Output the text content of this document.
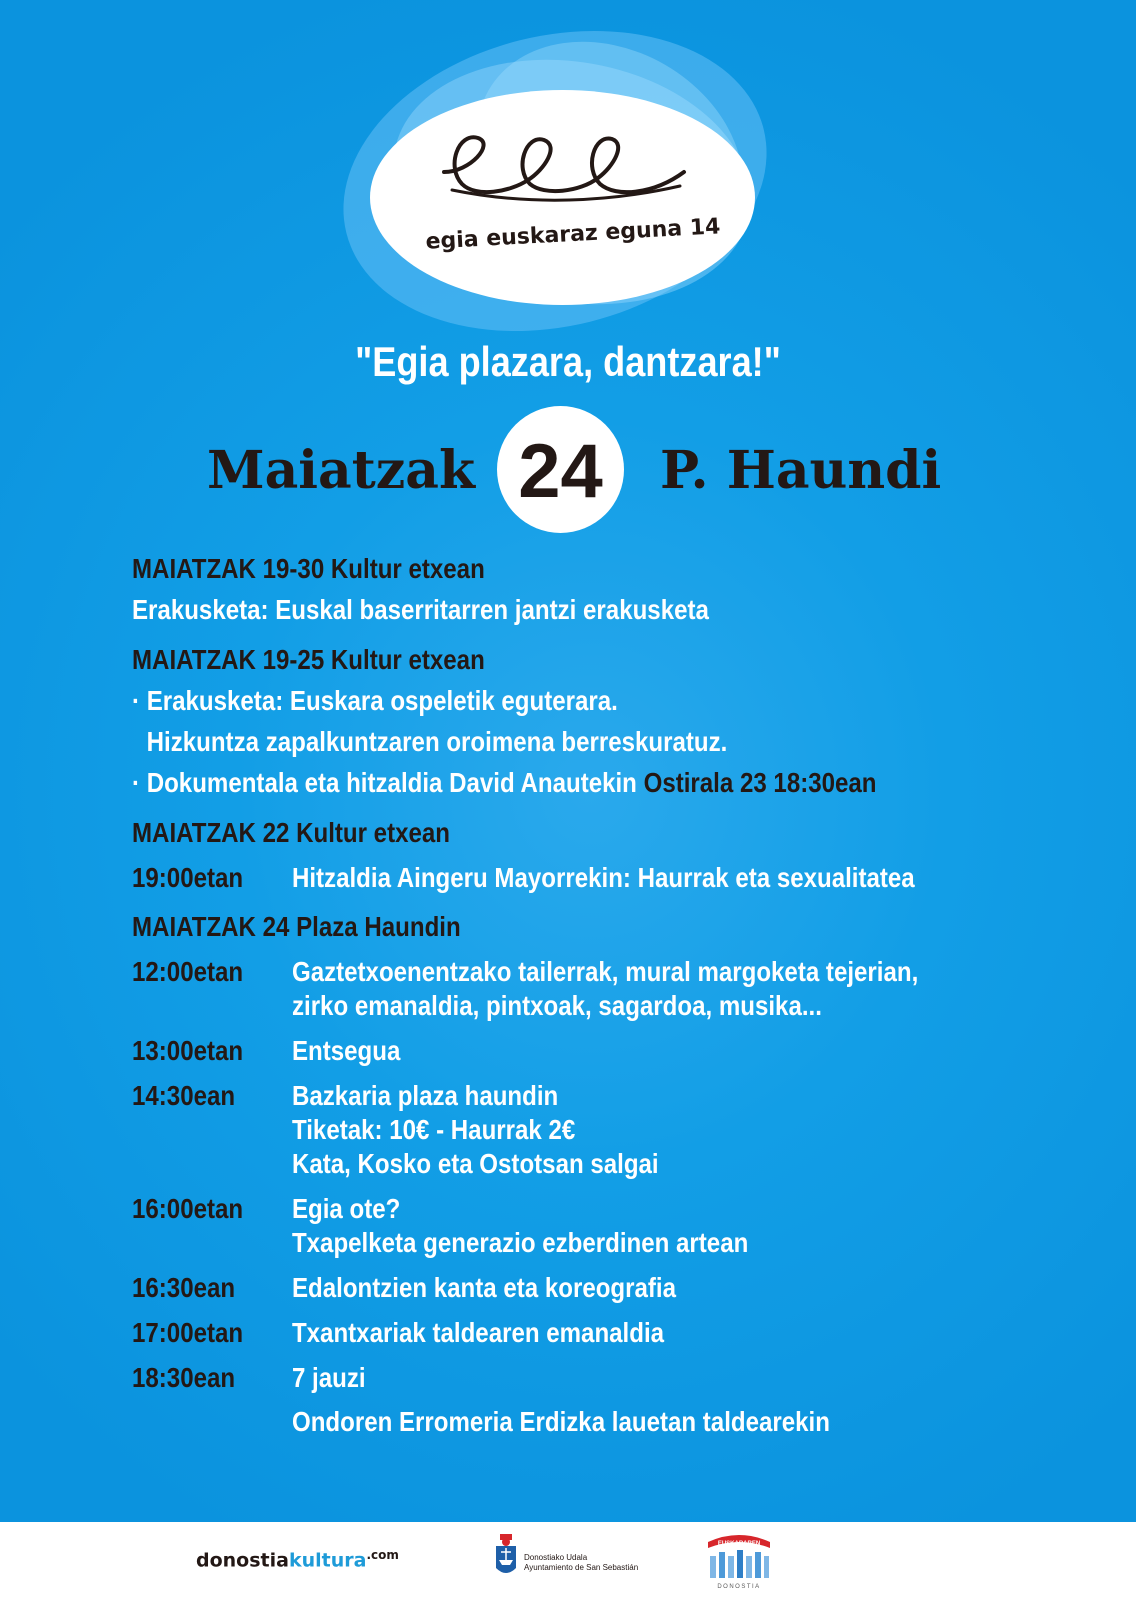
egia euskaraz eguna 14
"Egia plazara, dantzara!"
Maiatzak 24	P. Haundi
MAIATZAK 19-30 Kultur etxean
Erakusketa: Euskal baserritarren jantzi erakusketa
MAIATZAK 19-25 Kultur etxean
· Erakusketa: Euskara ospeletik eguterara.
Hizkuntza zapalkuntzaren oroimena berreskuratuz.
· Dokumentala eta hitzaldia David Anautekin Ostirala 23 18:30ean
MAIATZAK 22 Kultur etxean
19:00etan Hitzaldia Aingeru Mayorrekin: Haurrak eta sexualitatea
MAIATZAK 24 Plaza Haundin
12:00etan Gaztetxoenentzako tailerrak, mural margoketa tejerian,
zirko emanaldia, pintxoak, sagardoa, musika...
13:00etan Entsegua
14:30ean Bazkaria plaza haundin
Tiketak: 10€ - Haurrak 2€
Kata, Kosko eta Ostotsan salgai
16:00etan Egia ote?
Txapelketa generazio ezberdinen artean
16:30ean Edalontzien kanta eta koreografia
17:00etan Txantxariak taldearen emanaldia
18:30ean 7 jauzi
Ondoren Erromeria Erdizka lauetan taldearekin
donostiakultura$^{.com}$	Donostiako Udala
Ayuntamiento de San Sebastián
EUSKARAREN
DONOSTIA
